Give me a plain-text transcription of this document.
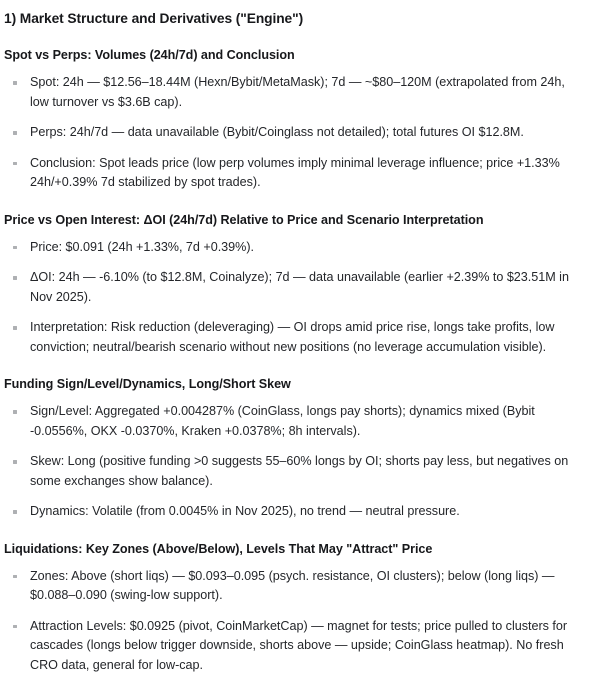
1) Market Structure and Derivatives ("Engine")
Spot vs Perps: Volumes (24h/7d) and Conclusion
Spot: 24h — $12.56–18.44M (Hexn/Bybit/MetaMask); 7d — ~$80–120M (extrapolated from 24h, low turnover vs $3.6B cap).
Perps: 24h/7d — data unavailable (Bybit/Coinglass not detailed); total futures OI $12.8M.
Conclusion: Spot leads price (low perp volumes imply minimal leverage influence; price +1.33% 24h/+0.39% 7d stabilized by spot trades).
Price vs Open Interest: ΔOI (24h/7d) Relative to Price and Scenario Interpretation
Price: $0.091 (24h +1.33%, 7d +0.39%).
ΔOI: 24h — -6.10% (to $12.8M, Coinalyze); 7d — data unavailable (earlier +2.39% to $23.51M in Nov 2025).
Interpretation: Risk reduction (deleveraging) — OI drops amid price rise, longs take profits, low conviction; neutral/bearish scenario without new positions (no leverage accumulation visible).
Funding Sign/Level/Dynamics, Long/Short Skew
Sign/Level: Aggregated +0.004287% (CoinGlass, longs pay shorts); dynamics mixed (Bybit -0.0556%, OKX -0.0370%, Kraken +0.0378%; 8h intervals).
Skew: Long (positive funding >0 suggests 55–60% longs by OI; shorts pay less, but negatives on some exchanges show balance).
Dynamics: Volatile (from 0.0045% in Nov 2025), no trend — neutral pressure.
Liquidations: Key Zones (Above/Below), Levels That May "Attract" Price
Zones: Above (short liqs) — $0.093–0.095 (psych. resistance, OI clusters); below (long liqs) — $0.088–0.090 (swing-low support).
Attraction Levels: $0.0925 (pivot, CoinMarketCap) — magnet for tests; price pulled to clusters for cascades (longs below trigger downside, shorts above — upside; CoinGlass heatmap). No fresh CRO data, general for low-cap.
